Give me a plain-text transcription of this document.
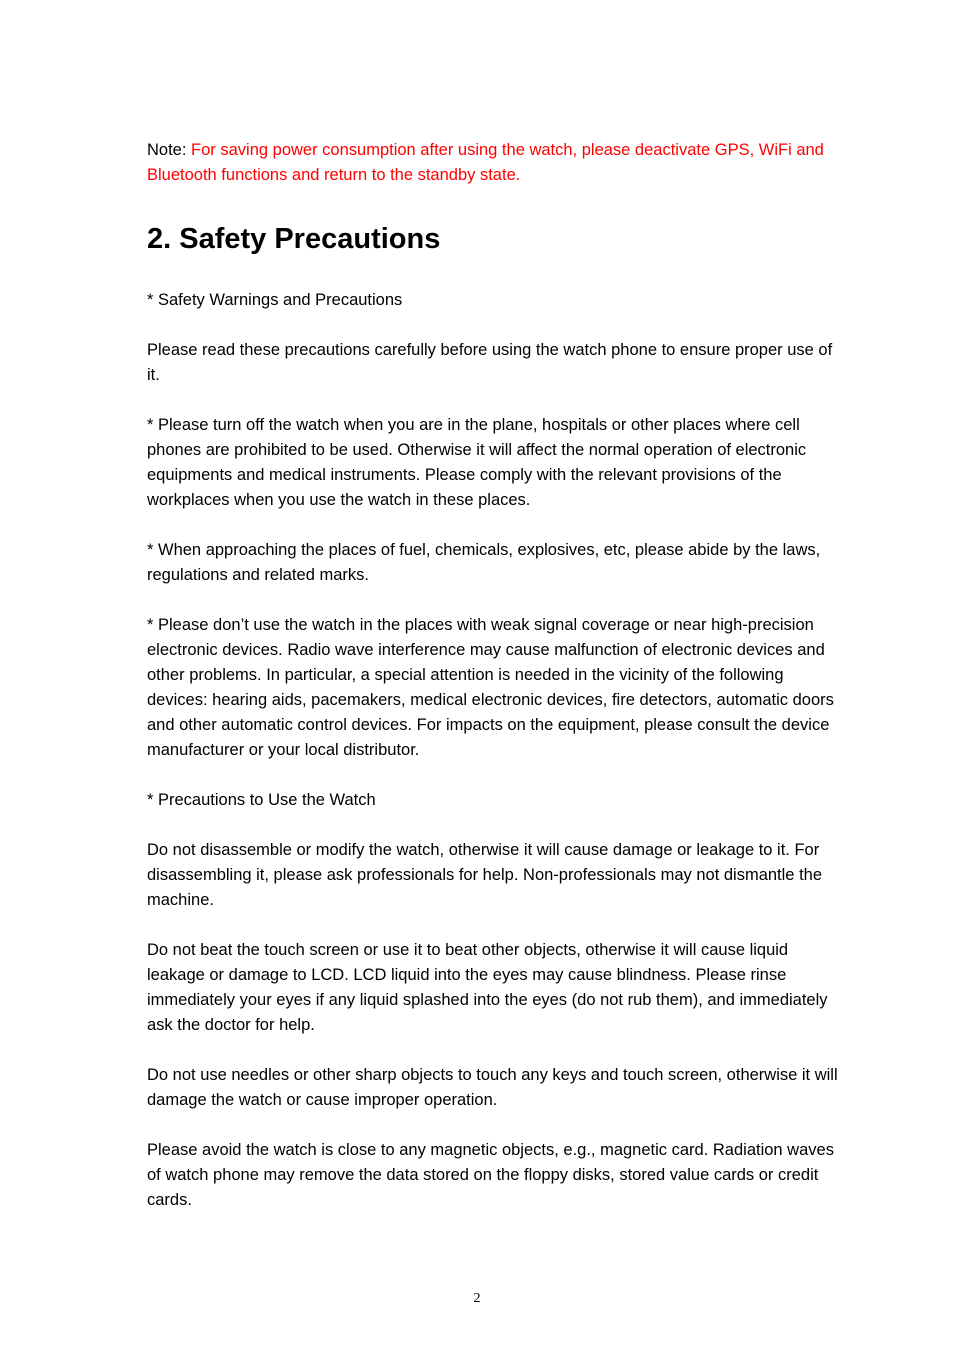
Note: For saving power consumption after using the watch, please deactivate GPS, WiFi and Bluetooth functions and return to the standby state.

2. Safety Precautions

* Safety Warnings and Precautions

Please read these precautions carefully before using the watch phone to ensure proper use of it.

* Please turn off the watch when you are in the plane, hospitals or other places where cell phones are prohibited to be used. Otherwise it will affect the normal operation of electronic equipments and medical instruments. Please comply with the relevant provisions of the workplaces when you use the watch in these places.

* When approaching the places of fuel, chemicals, explosives, etc, please abide by the laws, regulations and related marks.

* Please don’t use the watch in the places with weak signal coverage or near high-precision electronic devices. Radio wave interference may cause malfunction of electronic devices and other problems. In particular, a special attention is needed in the vicinity of the following devices: hearing aids, pacemakers, medical electronic devices, fire detectors, automatic doors and other automatic control devices. For impacts on the equipment, please consult the device manufacturer or your local distributor.

* Precautions to Use the Watch

Do not disassemble or modify the watch, otherwise it will cause damage or leakage to it. For disassembling it, please ask professionals for help. Non-professionals may not dismantle the machine.

Do not beat the touch screen or use it to beat other objects, otherwise it will cause liquid leakage or damage to LCD. LCD liquid into the eyes may cause blindness. Please rinse immediately your eyes if any liquid splashed into the eyes (do not rub them), and immediately ask the doctor for help.

Do not use needles or other sharp objects to touch any keys and touch screen, otherwise it will damage the watch or cause improper operation.

Please avoid the watch is close to any magnetic objects, e.g., magnetic card. Radiation waves of watch phone may remove the data stored on the floppy disks, stored value cards or credit cards.

2
